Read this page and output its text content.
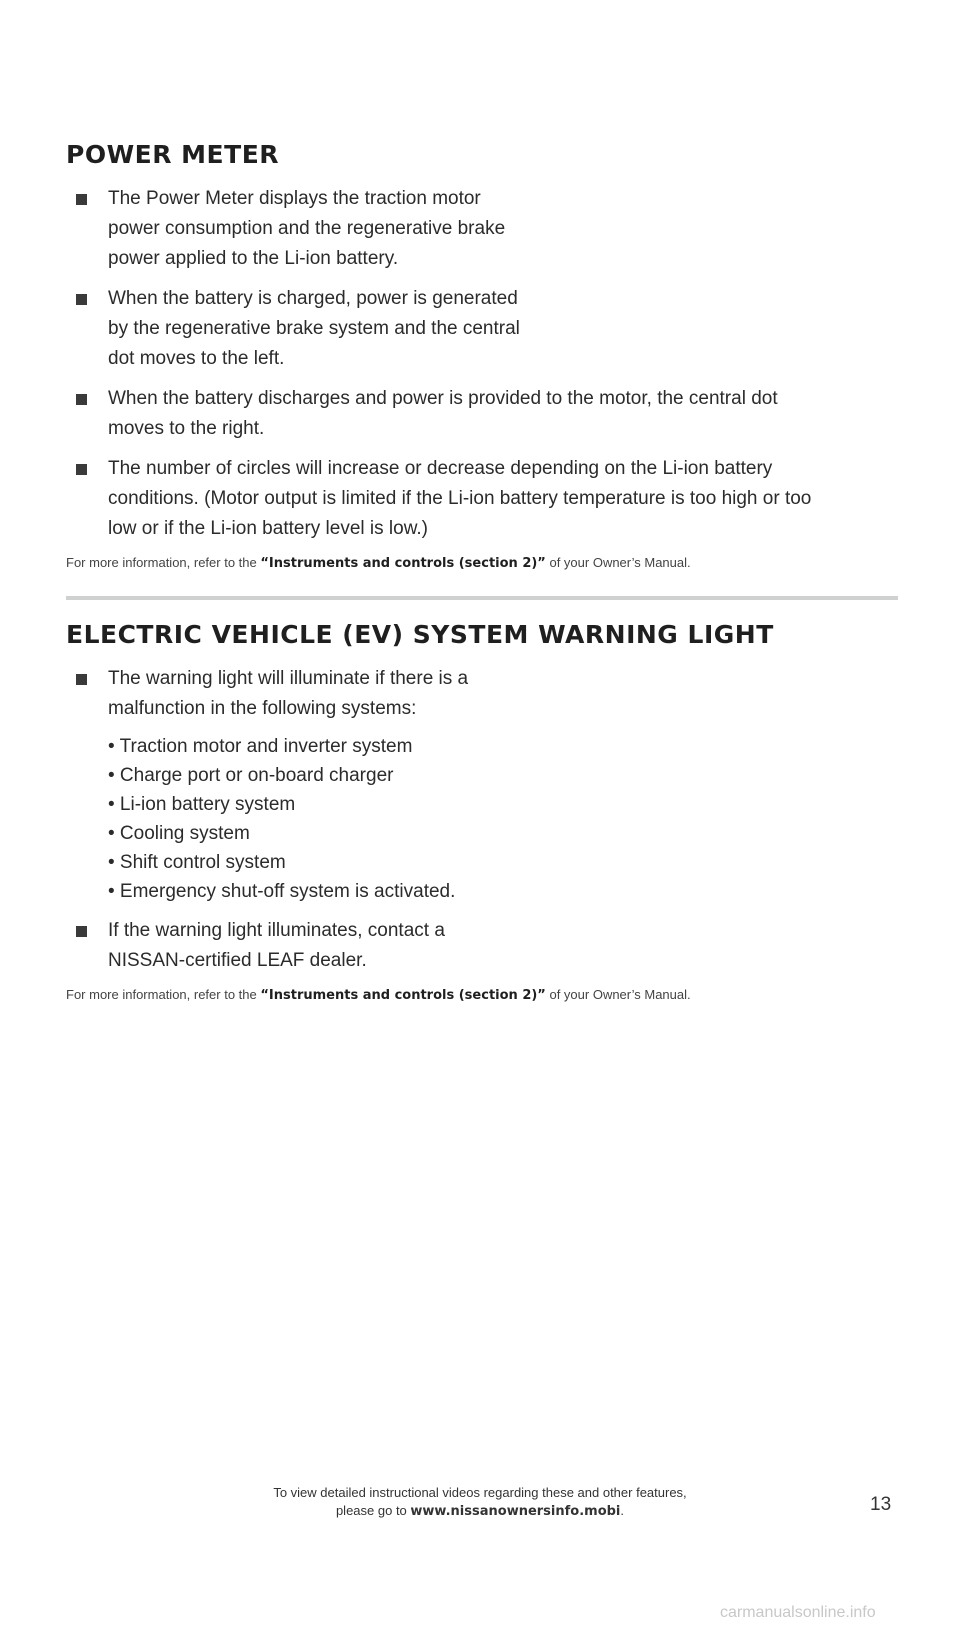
POWER METER
The Power Meter displays the traction motor
power consumption and the regenerative brake
power applied to the Li-ion battery.
When the battery is charged, power is generated
by the regenerative brake system and the central
dot moves to the left.
When the battery discharges and power is provided to the motor, the central dot
moves to the right.
The number of circles will increase or decrease depending on the Li-ion battery
conditions. (Motor output is limited if the Li-ion battery temperature is too high or too
low or if the Li-ion battery level is low.)
For more information, refer to the “Instruments and controls (section 2)” of your Owner’s Manual.
ELECTRIC VEHICLE (EV) SYSTEM WARNING LIGHT
The warning light will illuminate if there is a
malfunction in the following systems:
• Traction motor and inverter system
• Charge port or on-board charger
• Li-ion battery system
• Cooling system
• Shift control system
• Emergency shut-off system is activated.
If the warning light illuminates, contact a
NISSAN-certified LEAF dealer.
For more information, refer to the “Instruments and controls (section 2)” of your Owner’s Manual.
To view detailed instructional videos regarding these and other features,
please go to www.nissanownersinfo.mobi.	13
carmanualsonline.info
